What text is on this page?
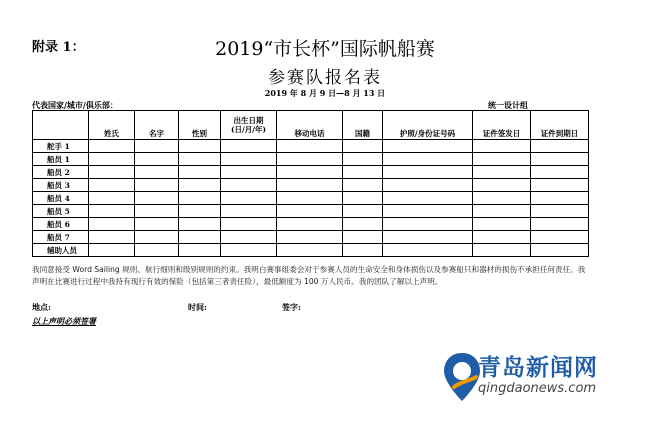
附录 1：	2019“市长杯”国际帆船赛
参赛队报名表
2019 年 8 月 9 日—8 月 13 日
代表国家/城市/俱乐部：	统一设计组
	姓氏	名字	性别	出生日期
(日/月/年)	移动电话	国籍	护照/身份证号码	证件签发日	证件到期日
舵手 1									
船员 1									
船员 2									
船员 3									
船员 4									
船员 5									
船员 6									
船员 7									
辅助人员									
我同意接受 Word Sailing 规则、航行细则和级别规则的约束。我明白赛事组委会对于参赛人员的生命安全和身体损伤以及参赛船只和器材的损伤不承担任何责任。我声明在比赛进行过程中我持有现行有效的保险（包括第三者责任险），最低额度为 100 万人民币。我的团队了解以上声明。
地点:	时间:	签字:
以上声明必须签署
青岛新闻网
qingdaonews.com
